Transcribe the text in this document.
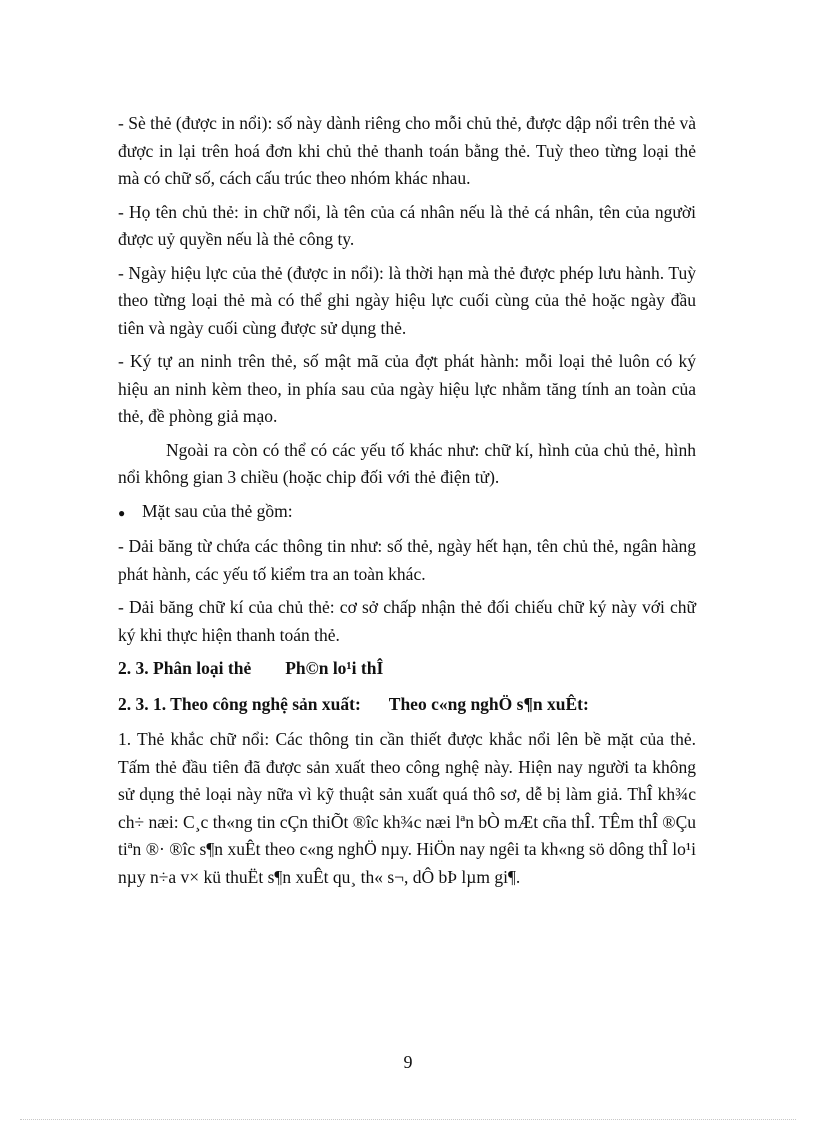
- Sè thẻ (được in nổi): số này dành riêng cho mỗi chủ thẻ, được dập nổi trên thẻ và được in lại trên hoá đơn khi chủ thẻ thanh toán bằng thẻ. Tuỳ theo từng loại thẻ mà có chữ số, cách cấu trúc theo nhóm khác nhau.

- Họ tên chủ thẻ: in chữ nổi, là tên của cá nhân nếu là thẻ cá nhân, tên của người được uỷ quyền nếu là thẻ công ty.

- Ngày hiệu lực của thẻ (được in nổi): là thời hạn mà thẻ được phép lưu hành. Tuỳ theo từng loại thẻ mà có thể ghi ngày hiệu lực cuối cùng của thẻ hoặc ngày đầu tiên và ngày cuối cùng được sử dụng thẻ.

- Ký tự an ninh trên thẻ, số mật mã của đợt phát hành: mỗi loại thẻ luôn có ký hiệu an ninh kèm theo, in phía sau của ngày hiệu lực nhằm tăng tính an toàn của thẻ, đề phòng giả mạo.

Ngoài ra còn có thể có các yếu tố khác như: chữ kí, hình của chủ thẻ, hình nổi không gian 3 chiều (hoặc chip đối với thẻ điện tử).

● Mặt sau của thẻ gồm:

- Dải băng từ chứa các thông tin như: số thẻ, ngày hết hạn, tên chủ thẻ, ngân hàng phát hành, các yếu tố kiểm tra an toàn khác.

- Dải băng chữ kí của chủ thẻ: cơ sở chấp nhận thẻ đối chiếu chữ ký này với chữ ký khi thực hiện thanh toán thẻ.

2. 3. Phân loại thẻ Ph©n lo¹i thÎ
2. 3. 1. Theo công nghệ sản xuất: Theo c«ng nghÖ s¶n xuÊt:

1. Thẻ khắc chữ nổi: Các thông tin cần thiết được khắc nổi lên bề mặt của thẻ. Tấm thẻ đầu tiên đã được sản xuất theo công nghệ này. Hiện nay người ta không sử dụng thẻ loại này nữa vì kỹ thuật sản xuất quá thô sơ, dễ bị làm giả. ThÎ kh¾c ch÷ næi: C¸c th«ng tin cÇn thiÕt ®îc kh¾c næi lªn bÒ mÆt cña thÎ. TÊm thÎ ®Çu tiªn ®· ®îc s¶n xuÊt theo c«ng nghÖ nµy. HiÖn nay ngêi ta kh«ng sö dông thÎ lo¹i nµy n÷a v× kü thuËt s¶n xuÊt qu¸ th« s¬, dÔ bÞ lµm gi¶.

9
